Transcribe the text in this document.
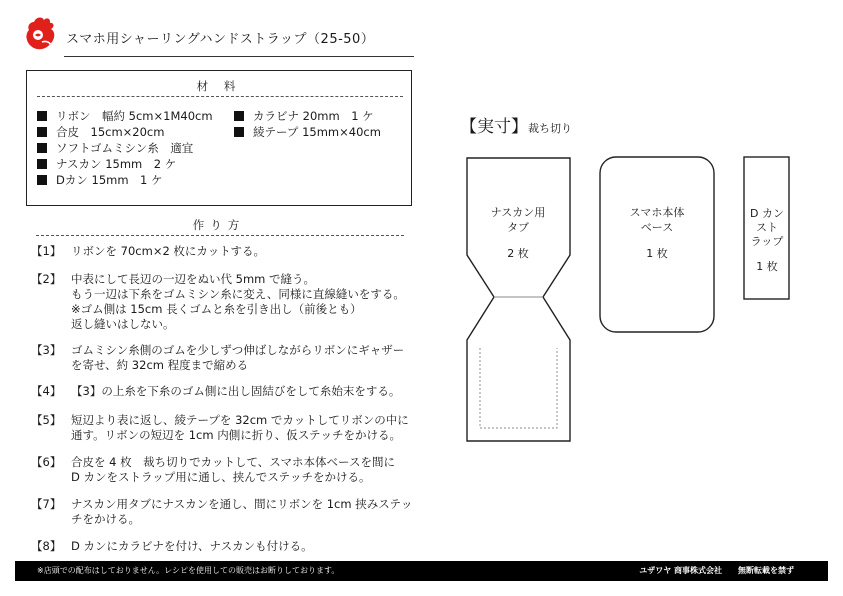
スマホ用シャーリングハンドストラップ（25-50）
材 料
リボン　幅約 5cm×1M40cm
合皮　15cm×20cm
ソフトゴムミシン糸　適宜
ナスカン 15mm　2 ケ
Dカン 15mm　1 ケ
カラビナ 20mm　1 ケ
綾テープ 15mm×40cm
作り方
【1】 リボンを 70cm×2 枚にカットする。
【2】 中表にして長辺の一辺をぬい代 5mm で縫う。
もう一辺は下糸をゴムミシン糸に変え、同様に直線縫いをする。
※ゴム側は 15cm 長くゴムと糸を引き出し（前後とも）
返し縫いはしない。
【3】 ゴムミシン糸側のゴムを少しずつ伸ばしながらリボンにギャザー
を寄せ、約 32cm 程度まで縮める
【4】 【3】の上糸を下糸のゴム側に出し固結びをして糸始末をする。
【5】 短辺より表に返し、綾テープを 32cm でカットしてリボンの中に
通す。リボンの短辺を 1cm 内側に折り、仮ステッチをかける。
【6】 合皮を 4 枚　裁ち切りでカットして、スマホ本体ベースを間に
D カンをストラップ用に通し、挟んでステッチをかける。
【7】 ナスカン用タブにナスカンを通し、間にリボンを 1cm 挟みステッ
チをかける。
【8】 D カンにカラビナを付け、ナスカンも付ける。
【実寸】裁ち切り
ナスカン用
タブ
2 枚
スマホ本体
ベース
1 枚
D カン
スト
ラップ
1 枚
※店頭での配布はしておりません。レシピを使用しての販売はお断りしております。	ユザワヤ 商事株式会社　　無断転載を禁ず
